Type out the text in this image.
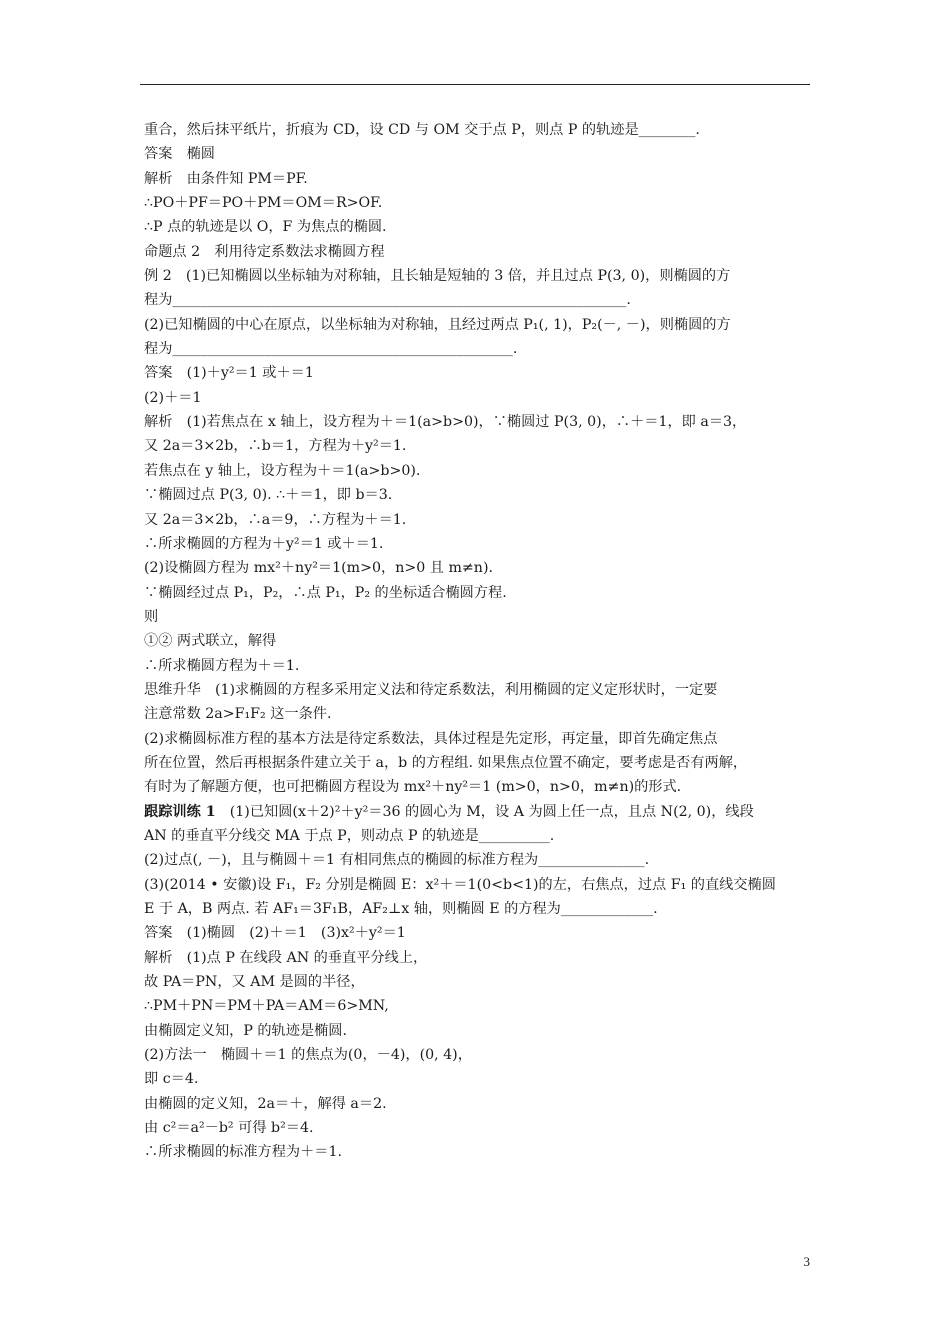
重合，然后抹平纸片，折痕为 CD，设 CD 与 OM 交于点 P，则点 P 的轨迹是________.
答案　椭圆
解析　由条件知 PM＝PF.
∴PO＋PF＝PO＋PM＝OM＝R>OF.
∴P 点的轨迹是以 O，F 为焦点的椭圆.
命题点 2　利用待定系数法求椭圆方程
例 2　(1)已知椭圆以坐标轴为对称轴，且长轴是短轴的 3 倍，并且过点 P(3, 0)，则椭圆的方
程为________________________________________________________________.
(2)已知椭圆的中心在原点，以坐标轴为对称轴，且经过两点 P₁(, 1)，P₂(－, －)，则椭圆的方
程为________________________________________________.
答案　(1)＋y²＝1 或＋＝1
(2)＋＝1
解析　(1)若焦点在 x 轴上，设方程为＋＝1(a>b>0)，∵椭圆过 P(3, 0)，∴＋＝1，即 a＝3，
又 2a＝3×2b，∴b＝1，方程为＋y²＝1.
若焦点在 y 轴上，设方程为＋＝1(a>b>0).
∵椭圆过点 P(3, 0). ∴＋＝1，即 b＝3.
又 2a＝3×2b，∴a＝9，∴方程为＋＝1.
∴所求椭圆的方程为＋y²＝1 或＋＝1.
(2)设椭圆方程为 mx²＋ny²＝1(m>0，n>0 且 m≠n).
∵椭圆经过点 P₁，P₂，∴点 P₁，P₂ 的坐标适合椭圆方程.
则
①② 两式联立，解得
∴所求椭圆方程为＋＝1.
思维升华　(1)求椭圆的方程多采用定义法和待定系数法，利用椭圆的定义定形状时，一定要
注意常数 2a>F₁F₂ 这一条件.
(2)求椭圆标准方程的基本方法是待定系数法，具体过程是先定形，再定量，即首先确定焦点
所在位置，然后再根据条件建立关于 a，b 的方程组. 如果焦点位置不确定，要考虑是否有两解，
有时为了解题方便，也可把椭圆方程设为 mx²＋ny²＝1 (m>0，n>0，m≠n)的形式.
跟踪训练 1　(1)已知圆(x＋2)²＋y²＝36 的圆心为 M，设 A 为圆上任一点，且点 N(2, 0)，线段
AN 的垂直平分线交 MA 于点 P，则动点 P 的轨迹是__________.
(2)过点(, －)，且与椭圆＋＝1 有相同焦点的椭圆的标准方程为_______________.
(3)(2014 • 安徽)设 F₁，F₂ 分别是椭圆 E：x²＋＝1(0<b<1)的左，右焦点，过点 F₁ 的直线交椭圆
E 于 A，B 两点. 若 AF₁＝3F₁B，AF₂⊥x 轴，则椭圆 E 的方程为_____________.
答案　(1)椭圆　(2)＋＝1　(3)x²＋y²＝1
解析　(1)点 P 在线段 AN 的垂直平分线上，
故 PA＝PN，又 AM 是圆的半径，
∴PM＋PN＝PM＋PA＝AM＝6>MN,
由椭圆定义知，P 的轨迹是椭圆.
(2)方法一　椭圆＋＝1 的焦点为(0，－4)，(0, 4)，
即 c＝4.
由椭圆的定义知，2a＝＋，解得 a＝2.
由 c²＝a²－b² 可得 b²＝4.
∴所求椭圆的标准方程为＋＝1.
3
